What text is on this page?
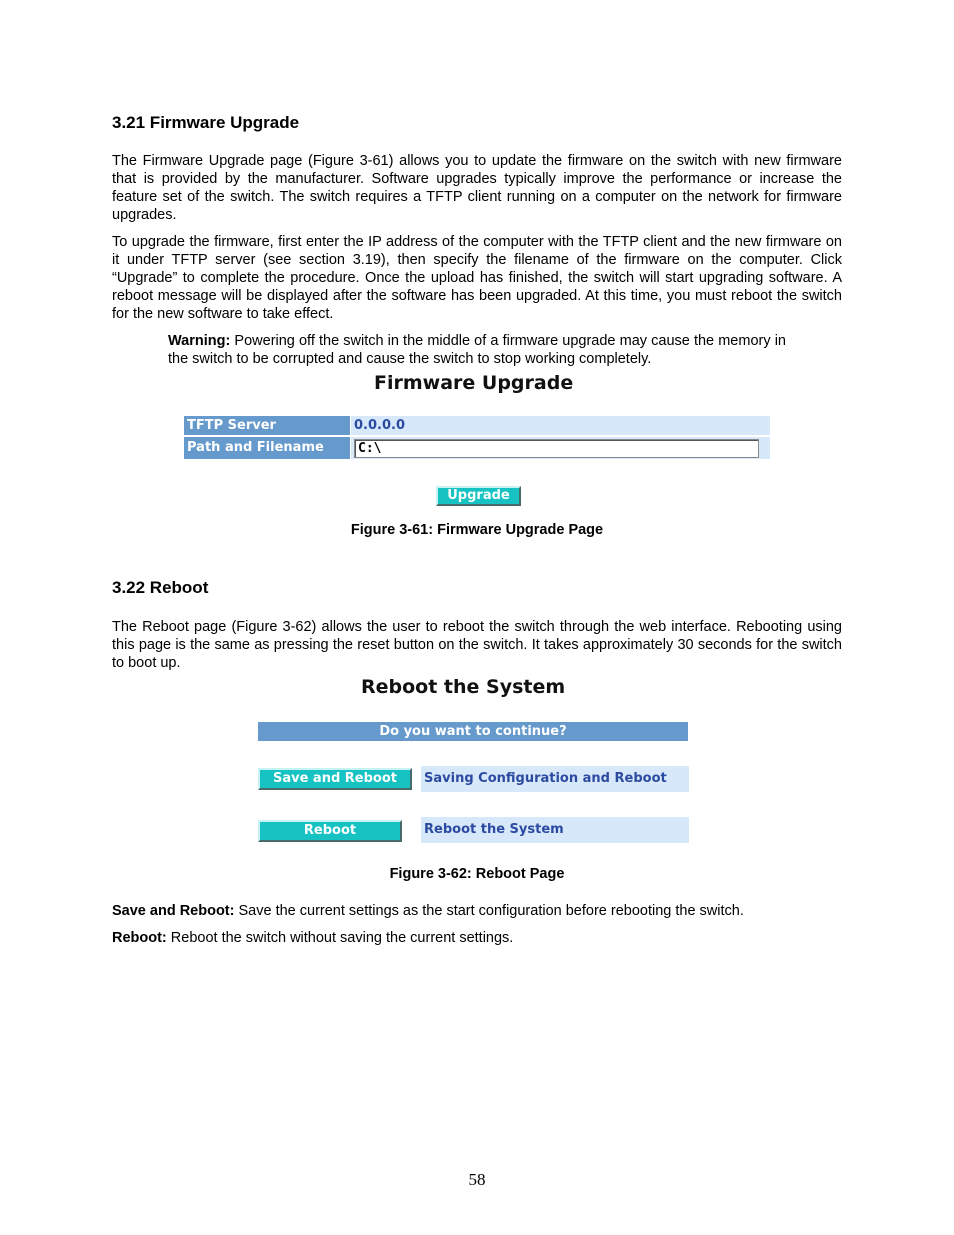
3.21 Firmware Upgrade

The Firmware Upgrade page (Figure 3-61) allows you to update the firmware on the switch with new firmware that is provided by the manufacturer. Software upgrades typically improve the performance or increase the feature set of the switch. The switch requires a TFTP client running on a computer on the network for firmware upgrades.

To upgrade the firmware, first enter the IP address of the computer with the TFTP client and the new firmware on it under TFTP server (see section 3.19), then specify the filename of the firmware on the computer. Click “Upgrade” to complete the procedure. Once the upload has finished, the switch will start upgrading software. A reboot message will be displayed after the software has been upgraded. At this time, you must reboot the switch for the new software to take effect.

Warning: Powering off the switch in the middle of a firmware upgrade may cause the memory in the switch to be corrupted and cause the switch to stop working completely.
Firmware Upgrade
TFTP Server	0.0.0.0
Path and Filename	C:\
Upgrade
Figure 3-61: Firmware Upgrade Page
3.22 Reboot

The Reboot page (Figure 3-62) allows the user to reboot the switch through the web interface. Rebooting using this page is the same as pressing the reset button on the switch. It takes approximately 30 seconds for the switch to boot up.

Reboot the System
Do you want to continue?
Save and Reboot	Saving Configuration and Reboot
Reboot	Reboot the System
Figure 3-62: Reboot Page
Save and Reboot: Save the current settings as the start configuration before rebooting the switch.
Reboot: Reboot the switch without saving the current settings.
58
